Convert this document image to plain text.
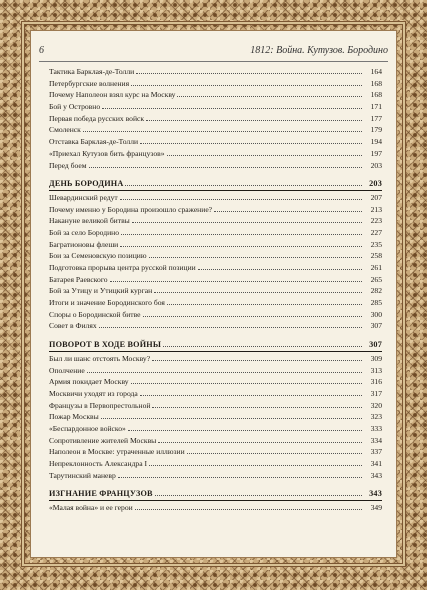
6	1812: Война. Кутузов. Бородино
Тактика Барклая-де-Толли	164
Петербургские волнения	168
Почему Наполеон взял курс на Москву	168
Бой у Островно	171
Первая победа русских войск	177
Смоленск	179
Отставка Барклая-де-Толли	194
«Приехал Кутузов бить французов»	197
Перед боем	203
ДЕНЬ БОРОДИНА	203
Шевардинский редут	207
Почему именно у Бородина произошло сражение?	213
Накануне великой битвы	223
Бой за село Бородино	227
Багратионовы флеши	235
Бои за Семеновскую позицию	258
Подготовка прорыва центра русской позиции	261
Батарея Раевского	265
Бой за Утицу и Утицкий курган	282
Итоги и значение Бородинского боя	285
Споры о Бородинской битве	300
Совет в Филях	307
ПОВОРОТ В ХОДЕ ВОЙНЫ	307
Был ли шанс отстоять Москву?	309
Ополчение	313
Армия покидает Москву	316
Москвичи уходят из города	317
Французы в Первопрестольной	320
Пожар Москвы	323
«Беспардонное войско»	333
Сопротивление жителей Москвы	334
Наполеон в Москве: утраченные иллюзии	337
Непреклонность Александра I	341
Тарутинский маневр	343
ИЗГНАНИЕ ФРАНЦУЗОВ	343
«Малая война» и ее герои	349
